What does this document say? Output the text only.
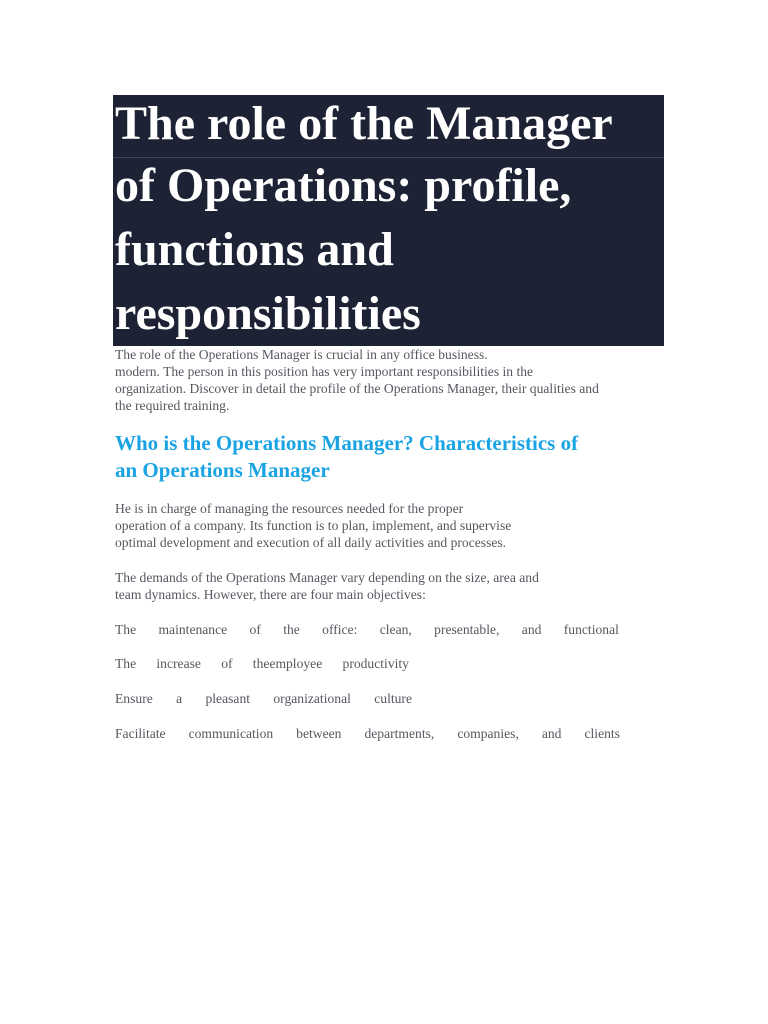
The role of the Manager
of Operations: profile,
functions and
responsibilities
The role of the Operations Manager is crucial in any office business.
modern. The person in this position has very important responsibilities in the
organization. Discover in detail the profile of the Operations Manager, their qualities and
the required training.
Who is the Operations Manager? Characteristics of
an Operations Manager
He is in charge of managing the resources needed for the proper
operation of a company. Its function is to plan, implement, and supervise
optimal development and execution of all daily activities and processes.
The demands of the Operations Manager vary depending on the size, area and
team dynamics. However, there are four main objectives:
The maintenance of the office: clean, presentable, and functional
The increase of theemployee productivity
Ensure a pleasant organizational culture
Facilitate communication between departments, companies, and clients
